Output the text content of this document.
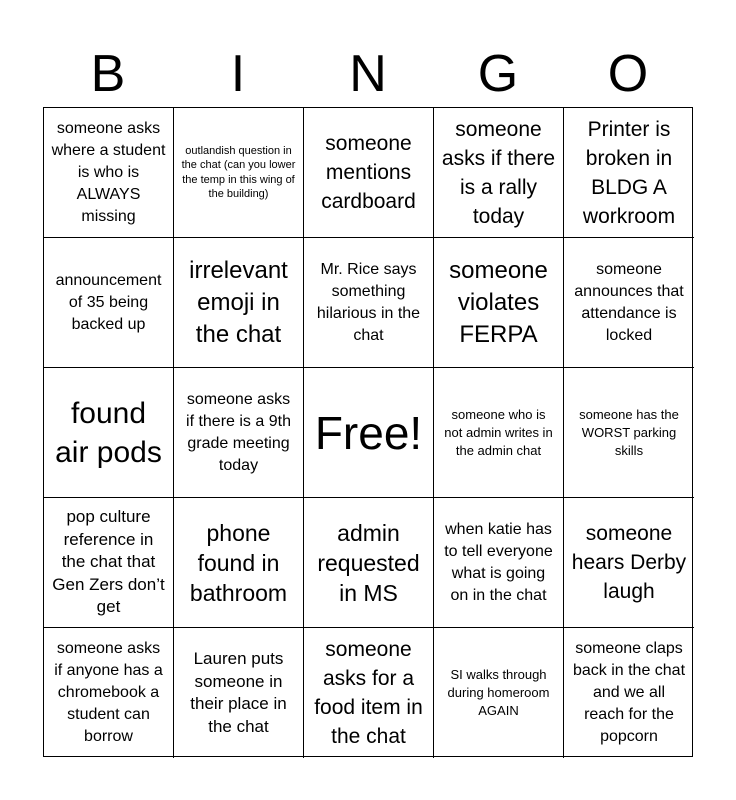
B	I	N	G	O
someone asks where a student is who is ALWAYS missing
outlandish question in the chat (can you lower the temp in this wing of the building)
someone mentions cardboard
someone asks if there is a rally today
Printer is broken in BLDG A workroom
announcement of 35 being backed up
irrelevant emoji in the chat
Mr. Rice says something hilarious in the chat
someone violates FERPA
someone announces that attendance is locked
found air pods
someone asks if there is a 9th grade meeting today
Free!	someone who is not admin writes in the admin chat
someone has the WORST parking skills
pop culture reference in the chat that Gen Zers don’t get
phone found in bathroom
admin requested in MS
when katie has to tell everyone what is going on in the chat
someone hears Derby laugh
someone asks if anyone has a chromebook a student can borrow
Lauren puts someone in their place in the chat
someone asks for a food item in the chat
SI walks through during homeroom AGAIN
someone claps back in the chat and we all reach for the popcorn
